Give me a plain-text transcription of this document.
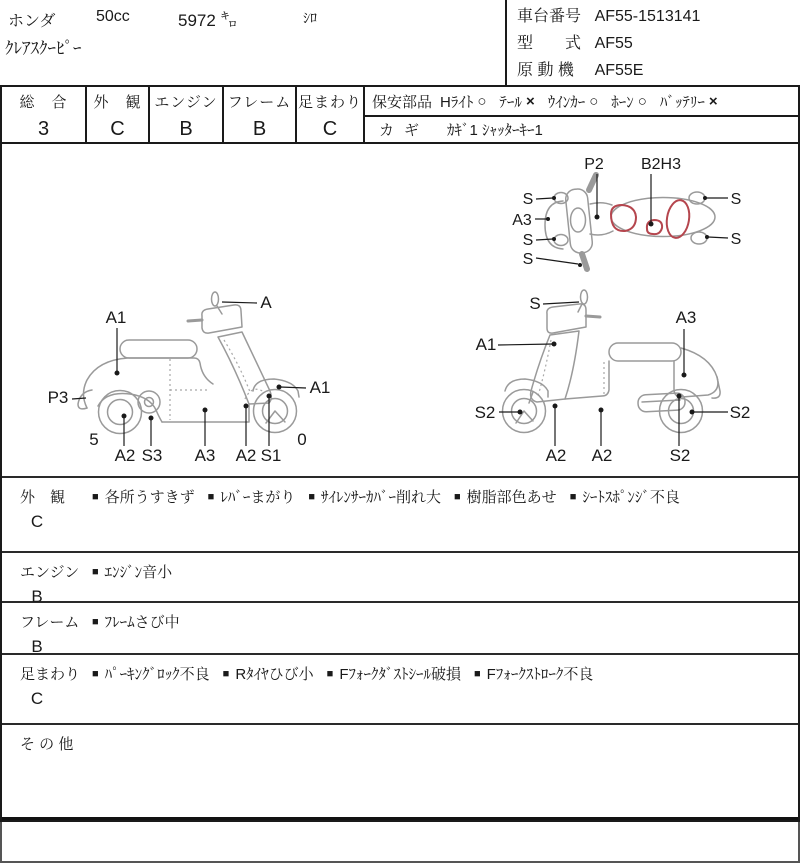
ホンダ	50cc	5972 ㌔	ｼﾛ
ｸﾚｱｽｸｰﾋﾟｰ
車台番号 AF55-1513141
型　　式 AF55
原 動 機 AF55E
総　合
3
外　観
C
エンジン
B
フレーム
B
足まわり
C
保安部品 Hﾗｲﾄ ○ ﾃｰﾙ × ｳｲﾝｶｰ ○ ﾎｰﾝ ○ ﾊﾞｯﾃﾘｰ ×
カギ ｶｷﾞ1 ｼｬｯﾀｰｷｰ1
P2 B2H3
S
A3
S
S
S
S
A
A1
P3
5
A2 S3 A3 A2 S1
A1
0
S
A1
S2
A2 A2	S2
A3
S2
外　観
C
■ 各所うすきず ■ ﾚﾊﾞｰまがり ■ ｻｲﾚﾝｻｰｶﾊﾞｰ削れ大 ■ 樹脂部色あせ ■ ｼｰﾄｽﾎﾟﾝｼﾞ不良
エンジン
B
■ ｴﾝｼﾞﾝ音小
フレーム
B
■ ﾌﾚｰﾑさび中
足まわり
C
■ ﾊﾟｰｷﾝｸﾞﾛｯｸ不良 ■ Rﾀｲﾔひび小 ■ Fﾌｫｰｸﾀﾞｽﾄｼｰﾙ破損 ■ Fﾌｫｰｸｽﾄﾛｰｸ不良
そ の 他
